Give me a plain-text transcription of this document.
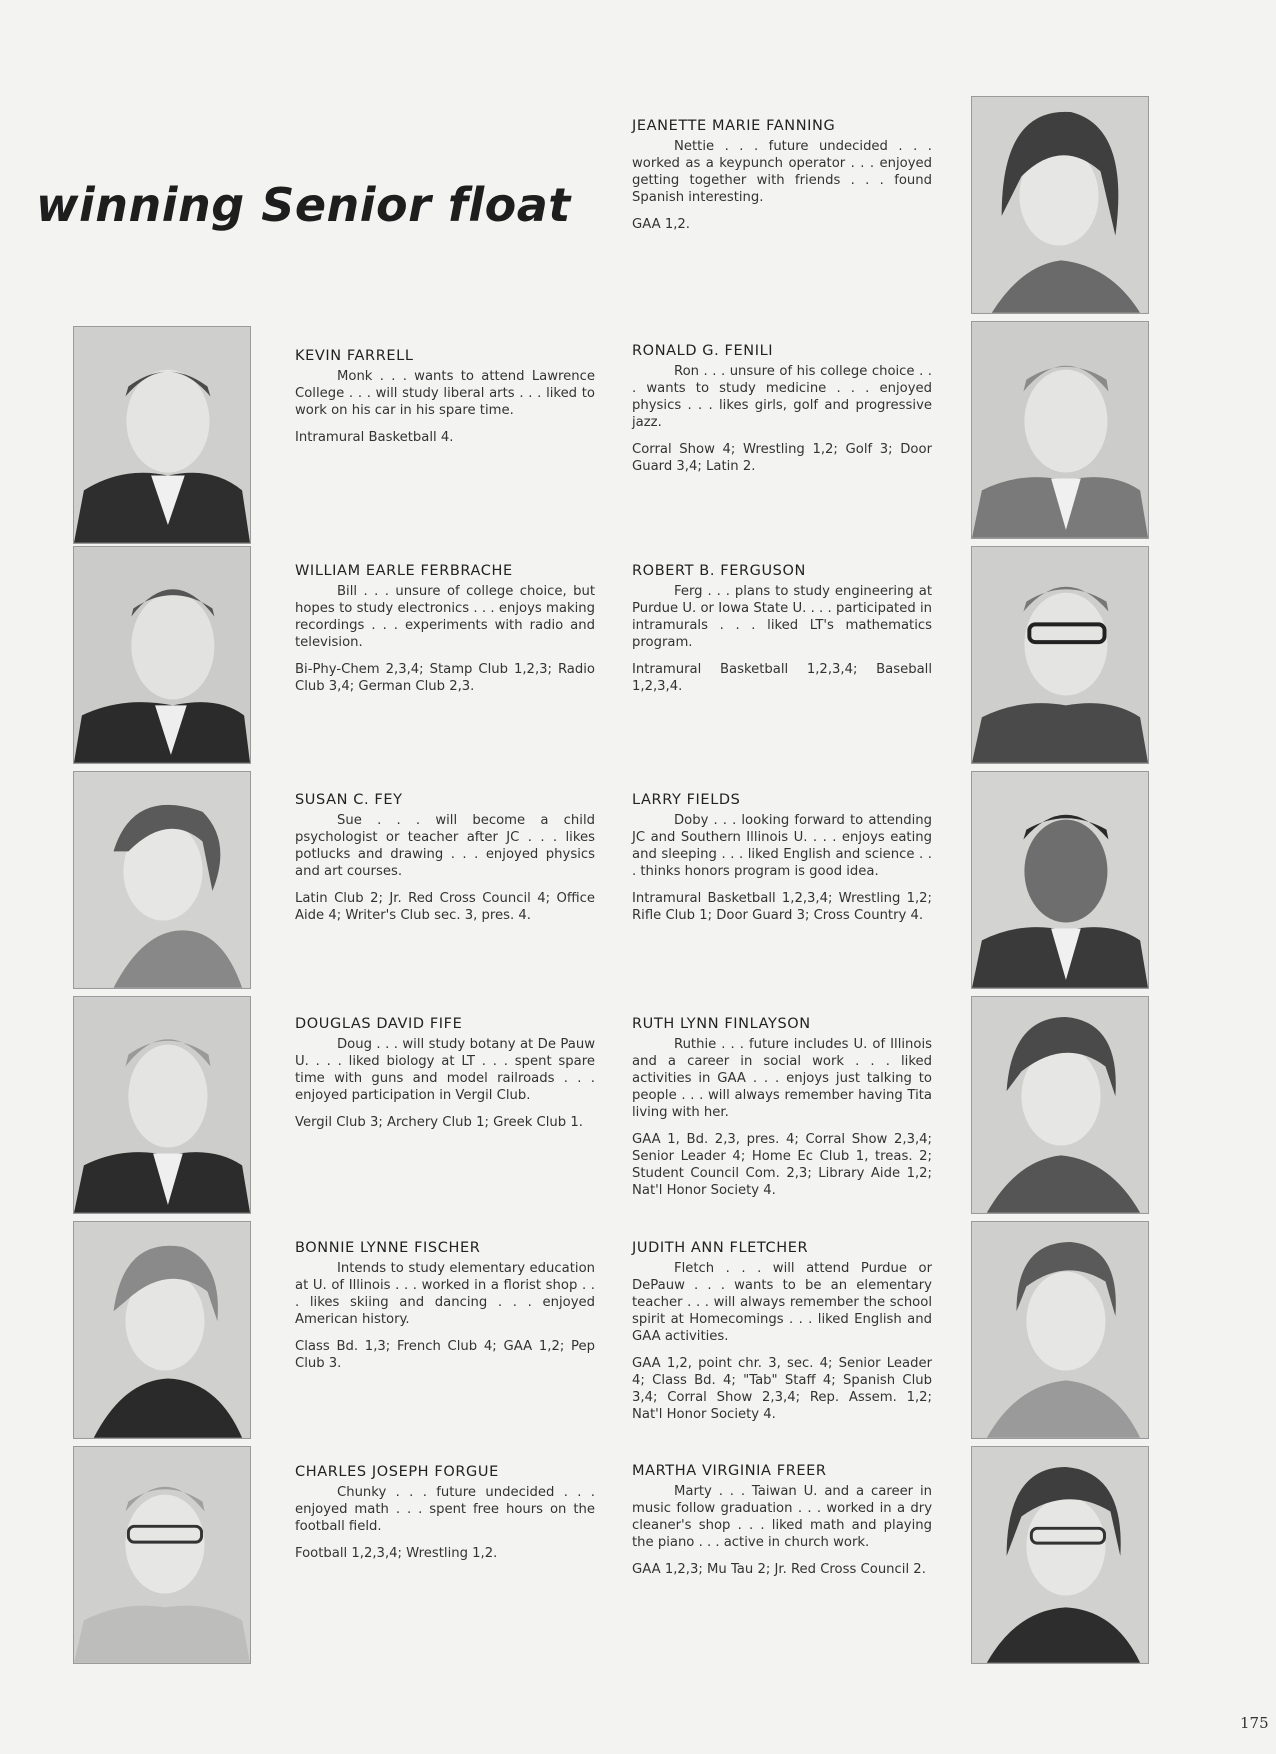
winning Senior float
JEANETTE MARIE FANNING
Nettie . . . future undecided . . . worked as a keypunch operator . . . enjoyed getting together with friends . . . found Spanish interesting.
GAA 1,2.
KEVIN FARRELL
Monk . . . wants to attend Lawrence College . . . will study liberal arts . . . liked to work on his car in his spare time.
Intramural Basketball 4.
RONALD G. FENILI
Ron . . . unsure of his college choice . . . wants to study medicine . . . enjoyed physics . . . likes girls, golf and progressive jazz.
Corral Show 4; Wrestling 1,2; Golf 3; Door Guard 3,4; Latin 2.
WILLIAM EARLE FERBRACHE
Bill . . . unsure of college choice, but hopes to study electronics . . . enjoys making recordings . . . experiments with radio and television.
Bi-Phy-Chem 2,3,4; Stamp Club 1,2,3; Radio Club 3,4; German Club 2,3.
ROBERT B. FERGUSON
Ferg . . . plans to study engineering at Purdue U. or Iowa State U. . . . participated in intramurals . . . liked LT's mathematics program.
Intramural Basketball 1,2,3,4; Baseball 1,2,3,4.
SUSAN C. FEY
Sue . . . will become a child psychologist or teacher after JC . . . likes potlucks and drawing . . . enjoyed physics and art courses.
Latin Club 2; Jr. Red Cross Council 4; Office Aide 4; Writer's Club sec. 3, pres. 4.
LARRY FIELDS
Doby . . . looking forward to attending JC and Southern Illinois U. . . . enjoys eating and sleeping . . . liked English and science . . . thinks honors program is good idea.
Intramural Basketball 1,2,3,4; Wrestling 1,2; Rifle Club 1; Door Guard 3; Cross Country 4.
DOUGLAS DAVID FIFE
Doug . . . will study botany at De Pauw U. . . . liked biology at LT . . . spent spare time with guns and model railroads . . . enjoyed participation in Vergil Club.
Vergil Club 3; Archery Club 1; Greek Club 1.
RUTH LYNN FINLAYSON
Ruthie . . . future includes U. of Illinois and a career in social work . . . liked activities in GAA . . . enjoys just talking to people . . . will always remember having Tita living with her.
GAA 1, Bd. 2,3, pres. 4; Corral Show 2,3,4; Senior Leader 4; Home Ec Club 1, treas. 2; Student Council Com. 2,3; Library Aide 1,2; Nat'l Honor Society 4.
BONNIE LYNNE FISCHER
Intends to study elementary education at U. of Illinois . . . worked in a florist shop . . . likes skiing and dancing . . . enjoyed American history.
Class Bd. 1,3; French Club 4; GAA 1,2; Pep Club 3.
JUDITH ANN FLETCHER
Fletch . . . will attend Purdue or DePauw . . . wants to be an elementary teacher . . . will always remember the school spirit at Homecomings . . . liked English and GAA activities.
GAA 1,2, point chr. 3, sec. 4; Senior Leader 4; Class Bd. 4; "Tab" Staff 4; Spanish Club 3,4; Corral Show 2,3,4; Rep. Assem. 1,2; Nat'l Honor Society 4.
CHARLES JOSEPH FORGUE
Chunky . . . future undecided . . . enjoyed math . . . spent free hours on the football field.
Football 1,2,3,4; Wrestling 1,2.
MARTHA VIRGINIA FREER
Marty . . . Taiwan U. and a career in music follow graduation . . . worked in a dry cleaner's shop . . . liked math and playing the piano . . . active in church work.
GAA 1,2,3; Mu Tau 2; Jr. Red Cross Council 2.
175
